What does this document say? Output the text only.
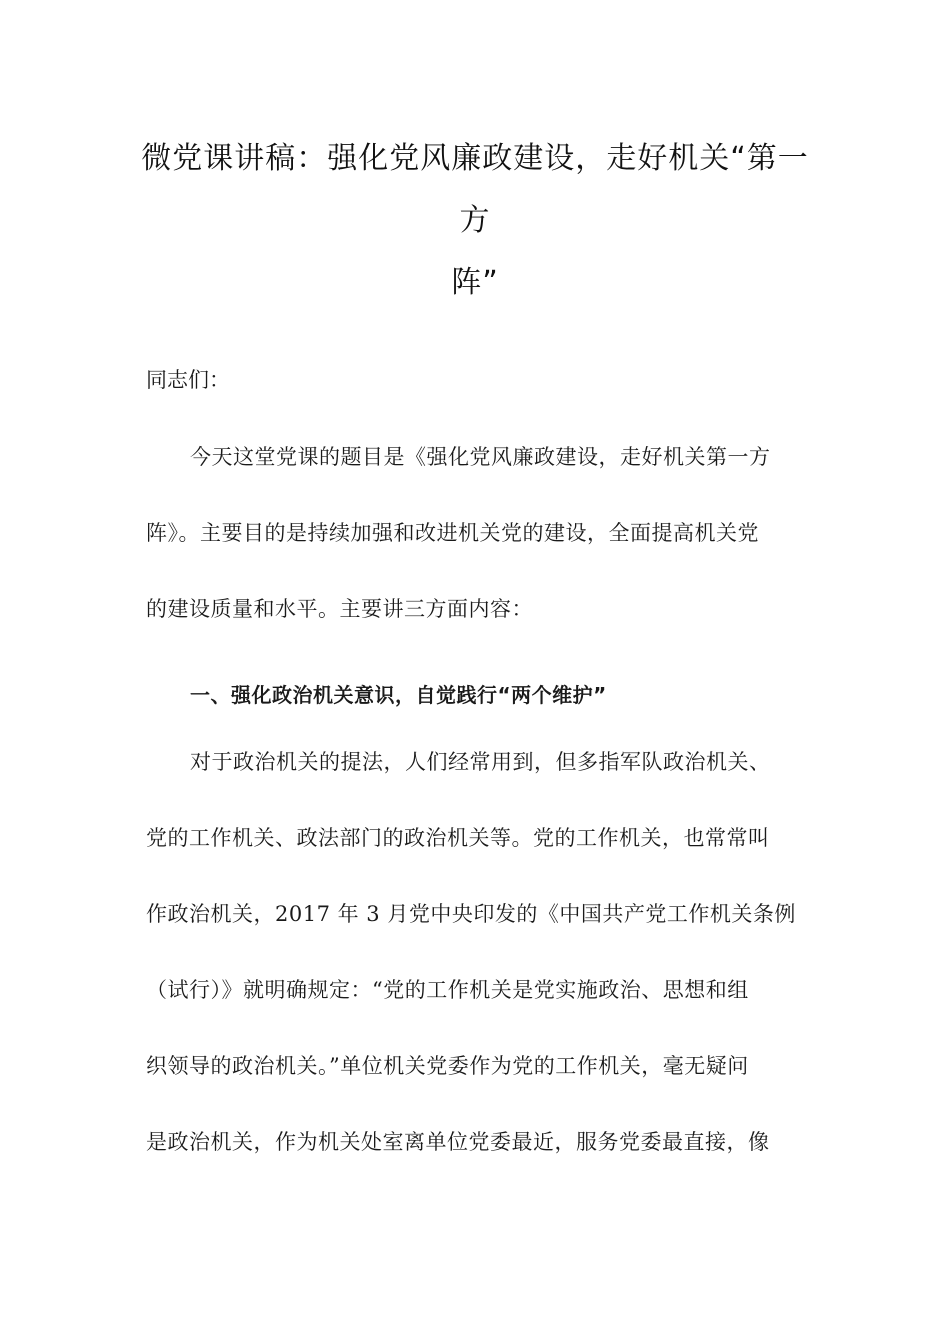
微党课讲稿：强化党风廉政建设，走好机关“第一方
阵”

同志们：

今天这堂党课的题目是《强化党风廉政建设，走好机关第一方
阵》。主要目的是持续加强和改进机关党的建设，全面提高机关党
的建设质量和水平。主要讲三方面内容：
一、强化政治机关意识，自觉践行“两个维护”
对于政治机关的提法，人们经常用到，但多指军队政治机关、
党的工作机关、政法部门的政治机关等。党的工作机关，也常常叫
作政治机关，2017 年 3 月党中央印发的《中国共产党工作机关条例
（试行）》就明确规定：“党的工作机关是党实施政治、思想和组
织领导的政治机关。”单位机关党委作为党的工作机关，毫无疑问
是政治机关，作为机关处室离单位党委最近，服务党委最直接，像
